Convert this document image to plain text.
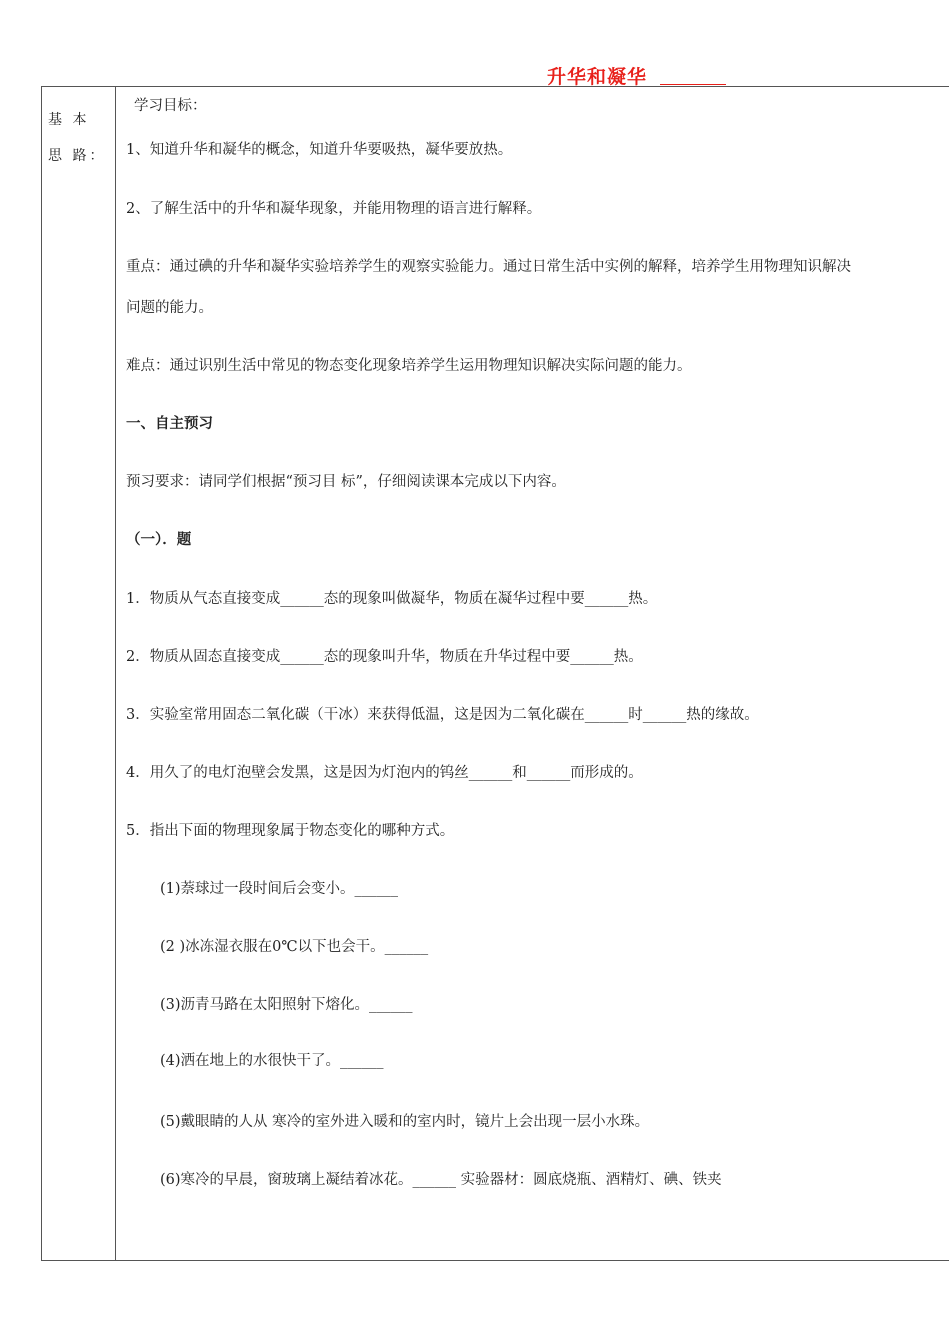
升华和凝华
基 本 思 路：
学习目标：
1、知道升华和凝华的概念，知道升华要吸热，凝华要放热。
2、了解生活中的升华和凝华现象，并能用物理的语言进行解释。
重点：通过碘的升华和凝华实验培养学生的观察实验能力。通过日常生活中实例的解释，培养学生用物理知识解决
问题的能力。
难点：通过识别生活中常见的物态变化现象培养学生运用物理知识解决实际问题的能力。
一、自主预习
预习要求：请同学们根据“预习目 标”，仔细阅读课本完成以下内容。
（一）．题
1．物质从气态直接变成______态的现象叫做凝华，物质在凝华过程中要______热。
2．物质从固态直接变成______态的现象叫升华，物质在升华过程中要______热。
3．实验室常用固态二氧化碳（干冰）来获得低温，这是因为二氧化碳在______时______热的缘故。
4．用久了的电灯泡壁会发黑，这是因为灯泡内的钨丝______和______而形成的。
5．指出下面的物理现象属于物态变化的哪种方式。
(1)萘球过一段时间后会变小。______
(2 )冰冻湿衣服在0℃以下也会干。______
(3)沥青马路在太阳照射下熔化。______
(4)洒在地上的水很快干了。______
(5)戴眼睛的人从 寒冷的室外进入暖和的室内时，镜片上会出现一层小水珠。
(6)寒冷的早晨，窗玻璃上凝结着冰花。______ 实验器材：圆底烧瓶、酒精灯、碘、铁夹
